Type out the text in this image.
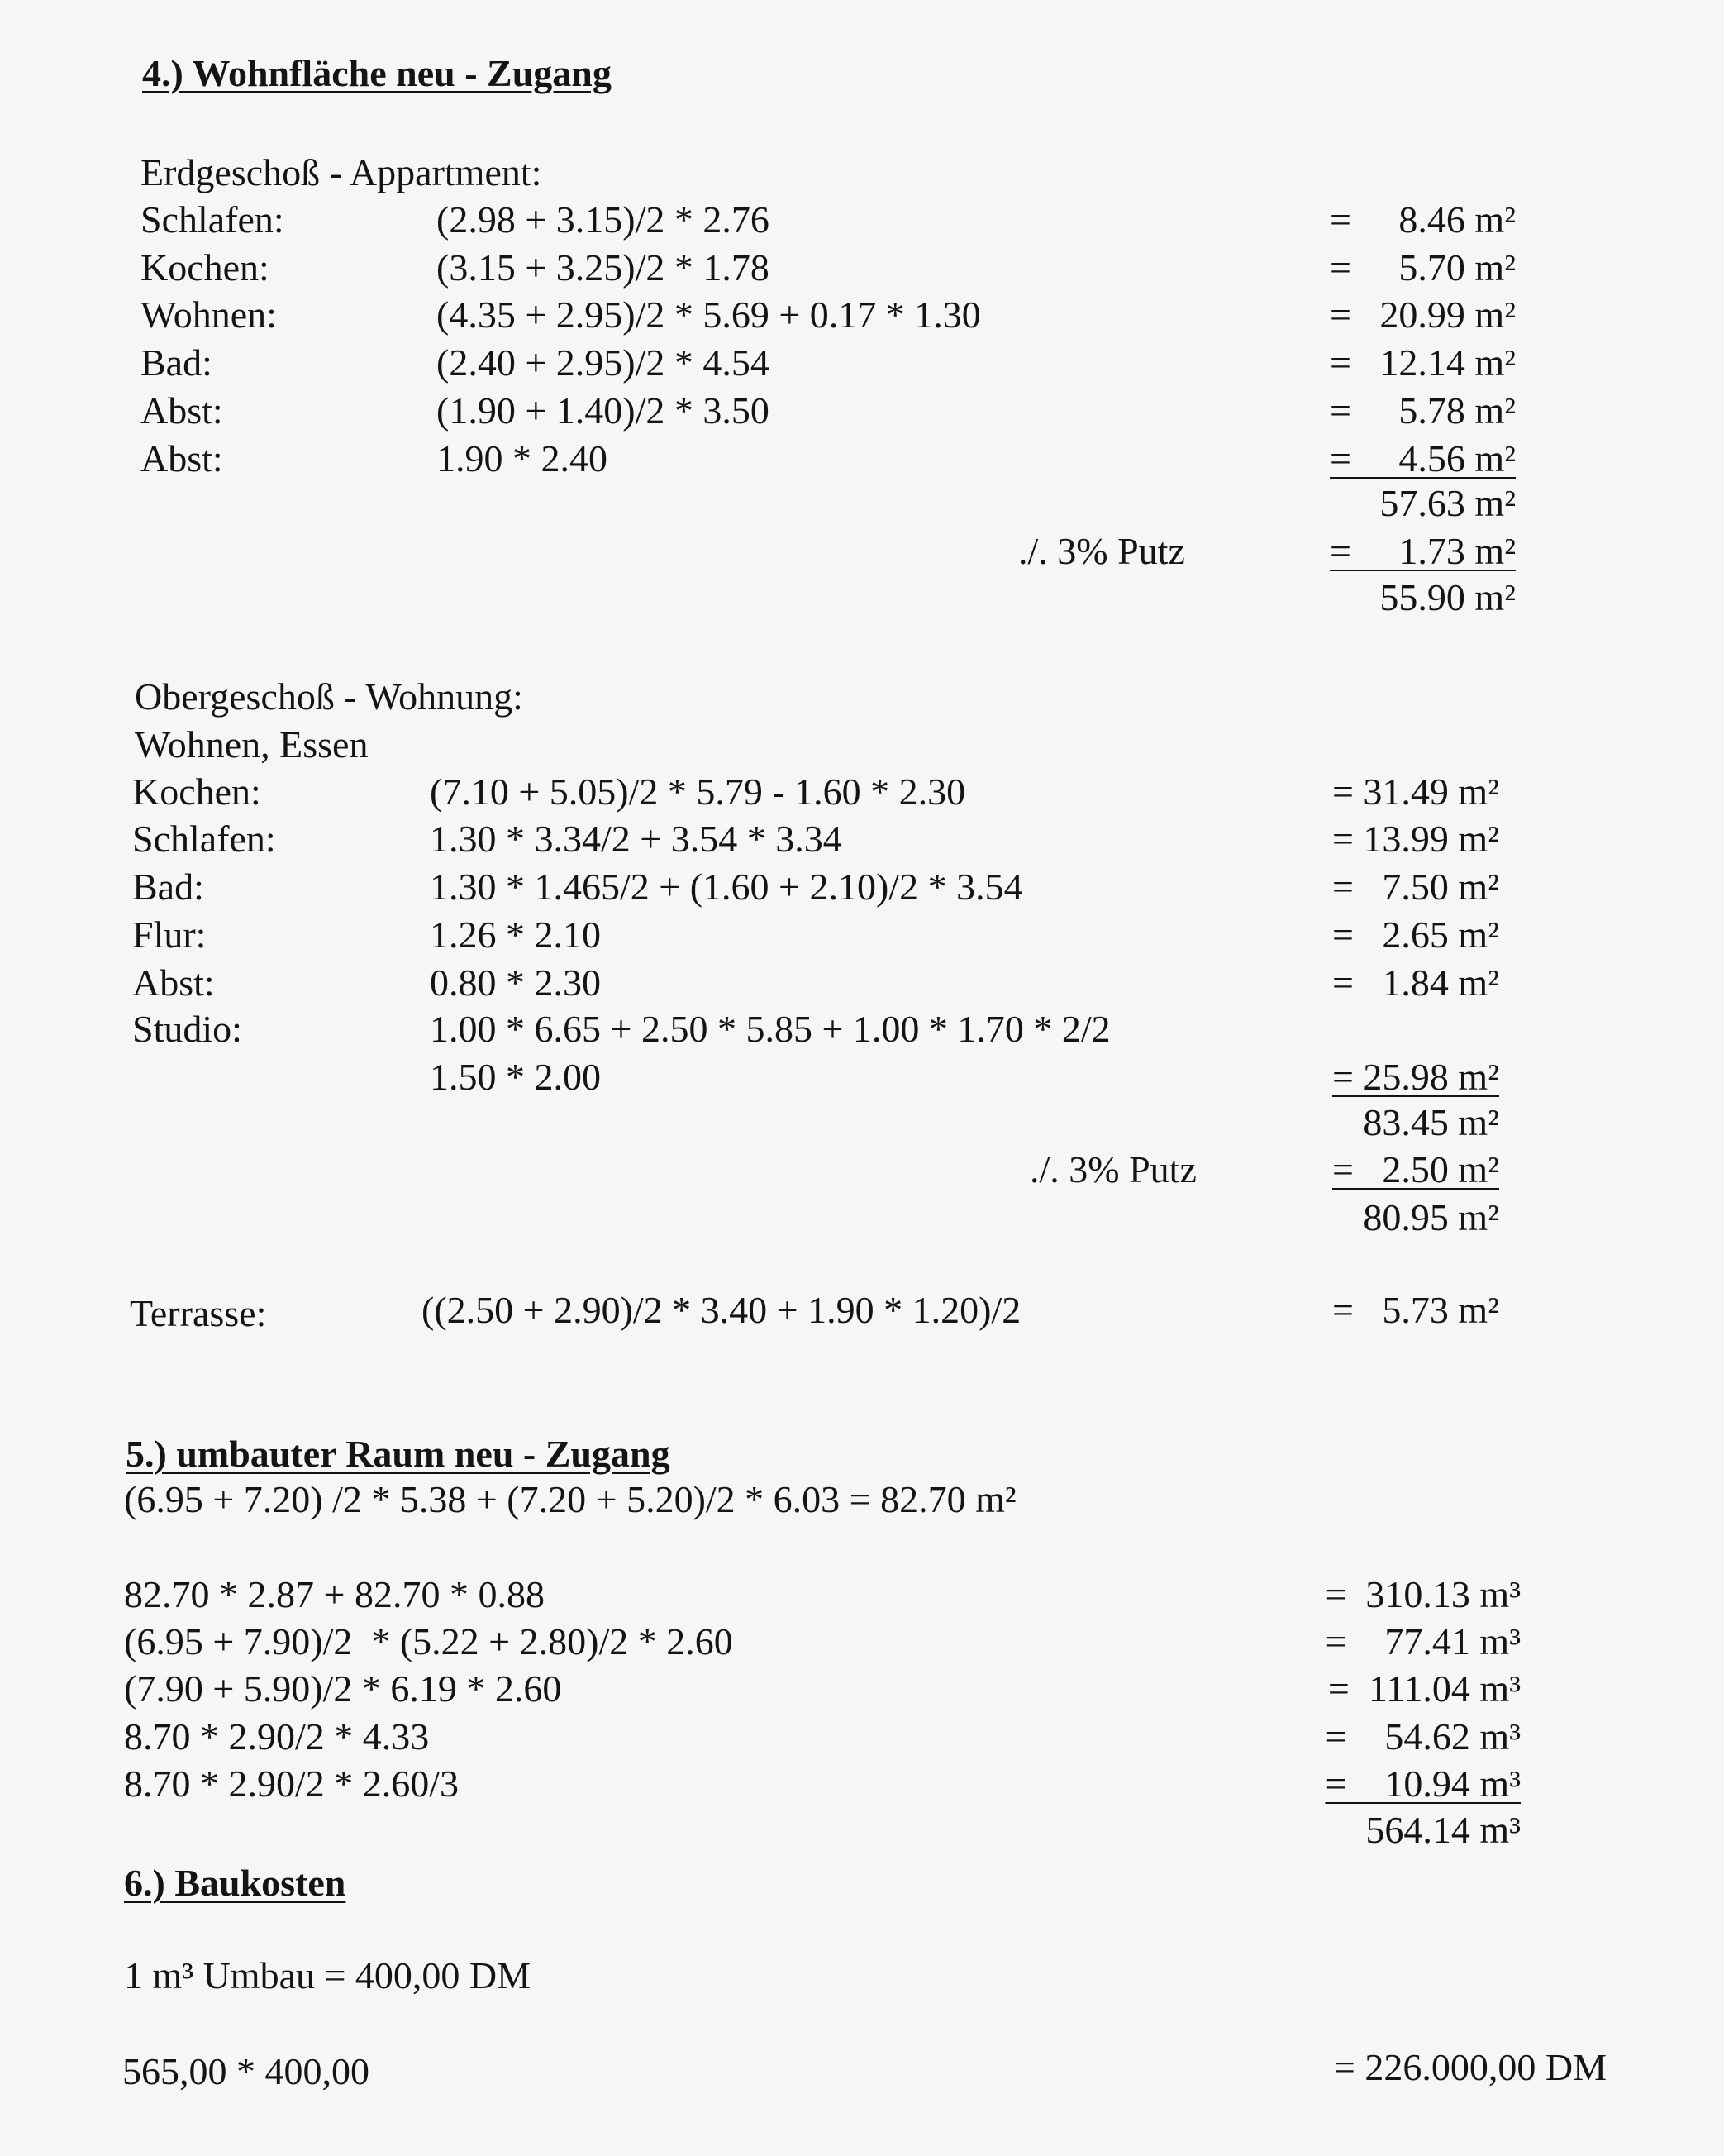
4.) Wohnfläche neu - Zugang
Erdgeschoß - Appartment:
Schlafen:	(2.98 + 3.15)/2 * 2.76	=     8.46 m²
Kochen:	(3.15 + 3.25)/2 * 1.78	=     5.70 m²
Wohnen:	(4.35 + 2.95)/2 * 5.69 + 0.17 * 1.30	=   20.99 m²
Bad:	(2.40 + 2.95)/2 * 4.54	=   12.14 m²
Abst:	(1.90 + 1.40)/2 * 3.50	=     5.78 m²
Abst:	1.90 * 2.40	=     4.56 m²
57.63 m²
./. 3% Putz	=     1.73 m²
55.90 m²
Obergeschoß - Wohnung:
Wohnen, Essen
Kochen:	(7.10 + 5.05)/2 * 5.79 - 1.60 * 2.30	= 31.49 m²
Schlafen:	1.30 * 3.34/2 + 3.54 * 3.34	= 13.99 m²
Bad:	1.30 * 1.465/2 + (1.60 + 2.10)/2 * 3.54	=   7.50 m²
Flur:	1.26 * 2.10	=   2.65 m²
Abst:	0.80 * 2.30	=   1.84 m²
Studio:	1.00 * 6.65 + 2.50 * 5.85 + 1.00 * 1.70 * 2/2
1.50 * 2.00	= 25.98 m²
83.45 m²
./. 3% Putz	=   2.50 m²
80.95 m²
Terrasse:	((2.50 + 2.90)/2 * 3.40 + 1.90 * 1.20)/2	=   5.73 m²
5.) umbauter Raum neu - Zugang
(6.95 + 7.20) /2 * 5.38 + (7.20 + 5.20)/2 * 6.03 = 82.70 m²
82.70 * 2.87 + 82.70 * 0.88	=  310.13 m³
(6.95 + 7.90)/2  * (5.22 + 2.80)/2 * 2.60	=    77.41 m³
(7.90 + 5.90)/2 * 6.19 * 2.60	=  111.04 m³
8.70 * 2.90/2 * 4.33	=    54.62 m³
8.70 * 2.90/2 * 2.60/3	=    10.94 m³
564.14 m³
6.) Baukosten
1 m³ Umbau = 400,00 DM
565,00 * 400,00	= 226.000,00 DM
